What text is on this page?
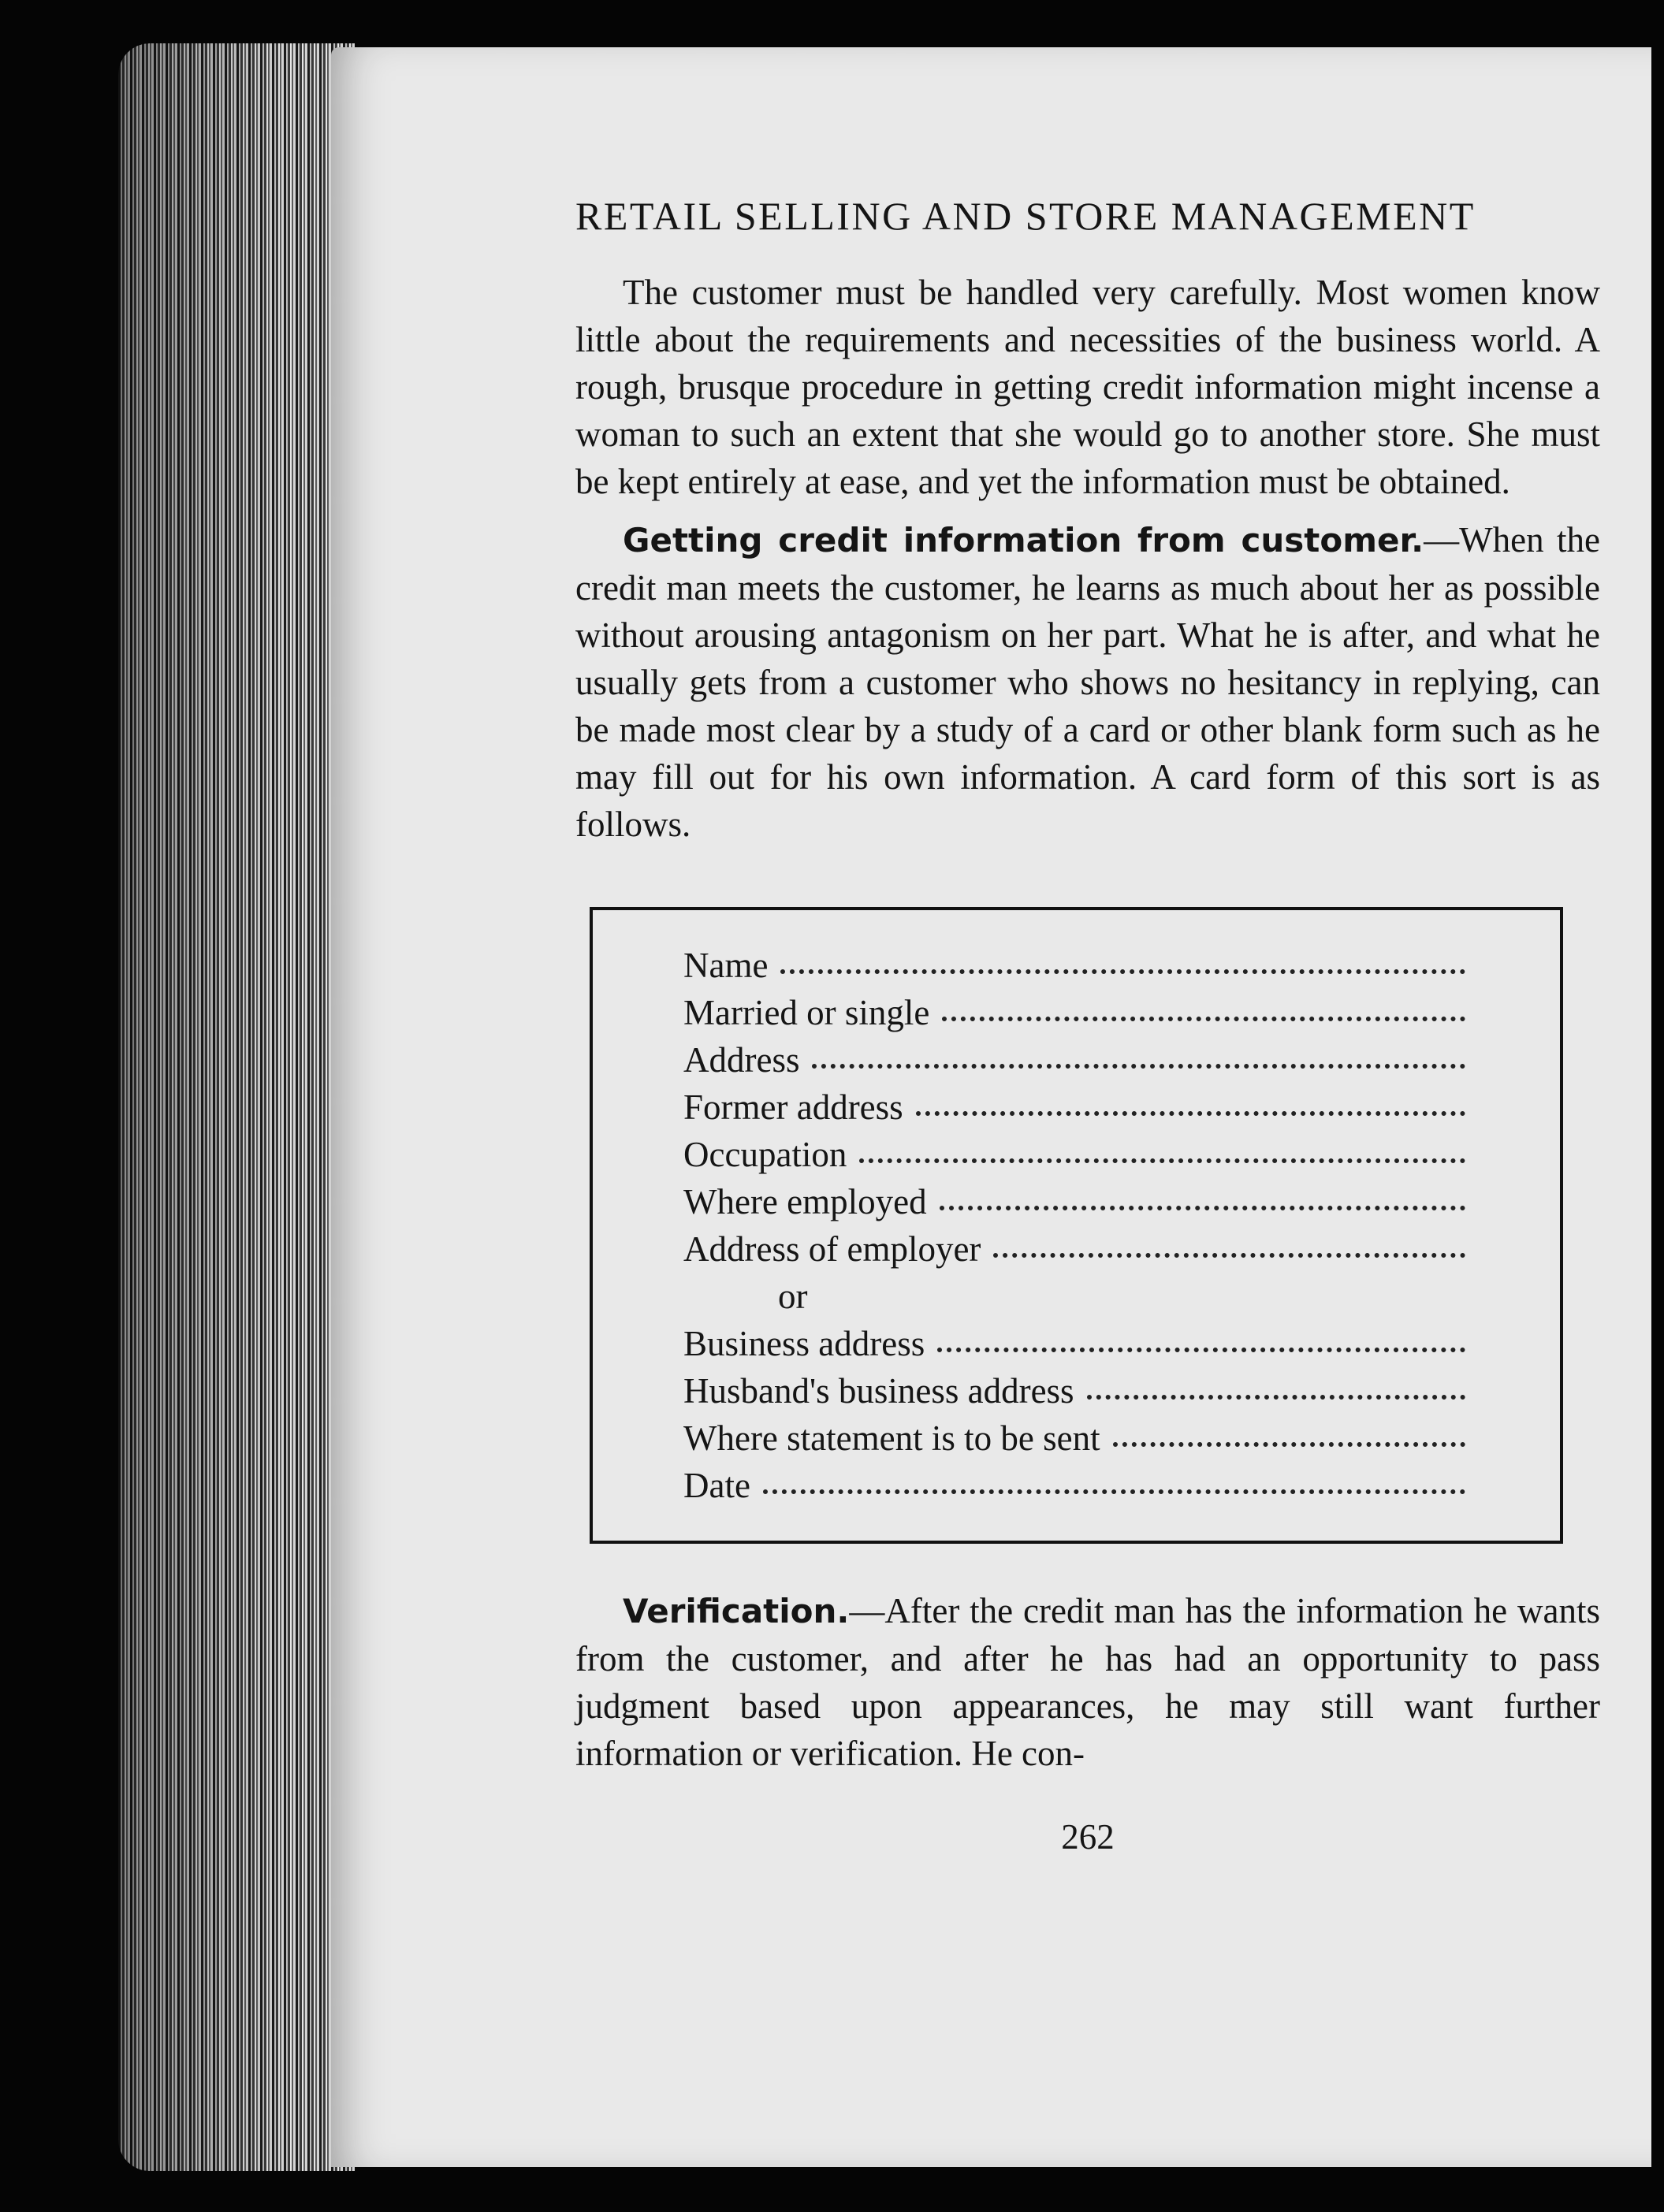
RETAIL SELLING AND STORE MANAGEMENT

The customer must be handled very carefully. Most women know little about the requirements and necessities of the business world. A rough, brusque procedure in getting credit information might incense a woman to such an extent that she would go to another store. She must be kept entirely at ease, and yet the information must be obtained.

Getting credit information from customer.—When the credit man meets the customer, he learns as much about her as possible without arousing antagonism on her part. What he is after, and what he usually gets from a customer who shows no hesitancy in replying, can be made most clear by a study of a card or other blank form such as he may fill out for his own information. A card form of this sort is as follows.

Name
Married or single
Address
Former address
Occupation
Where employed
Address of employer
or
Business address
Husband's business address
Where statement is to be sent
Date

Verification.—After the credit man has the information he wants from the customer, and after he has had an opportunity to pass judgment based upon appearances, he may still want further information or verification. He con-

262
